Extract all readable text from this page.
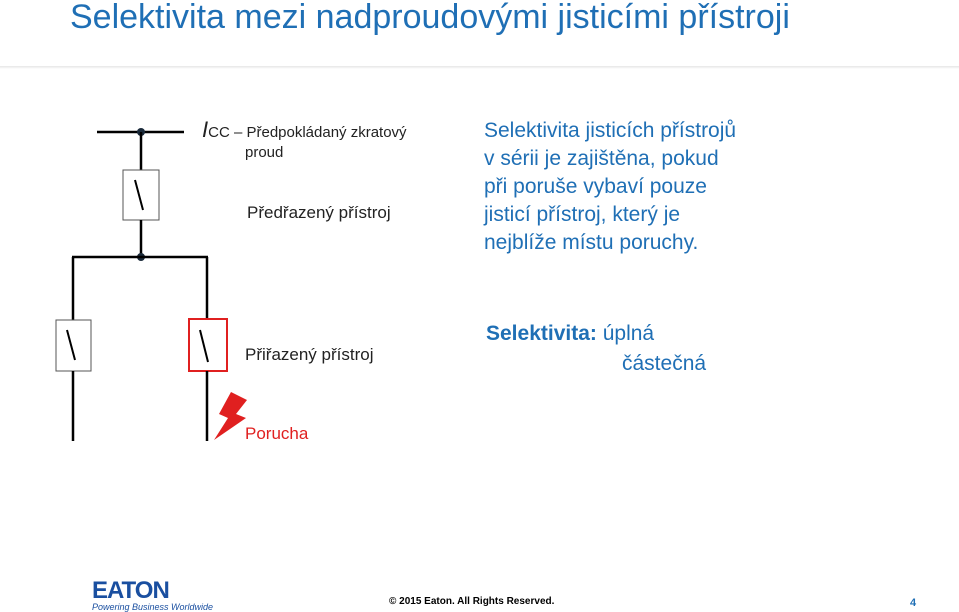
Selektivita mezi nadproudovými jisticími přístroji
ICC – Předpokládaný zkratový
proud
Předřazený přístroj
Přiřazený přístroj
Porucha
Selektivita jisticích přístrojů
v sérii je zajištěna, pokud
při poruše vybaví pouze
jisticí přístroj, který je
nejblíže místu poruchy.
Selektivita: úplná
částečná
EATON
Powering Business Worldwide	© 2015 Eaton. All Rights Reserved.	4
